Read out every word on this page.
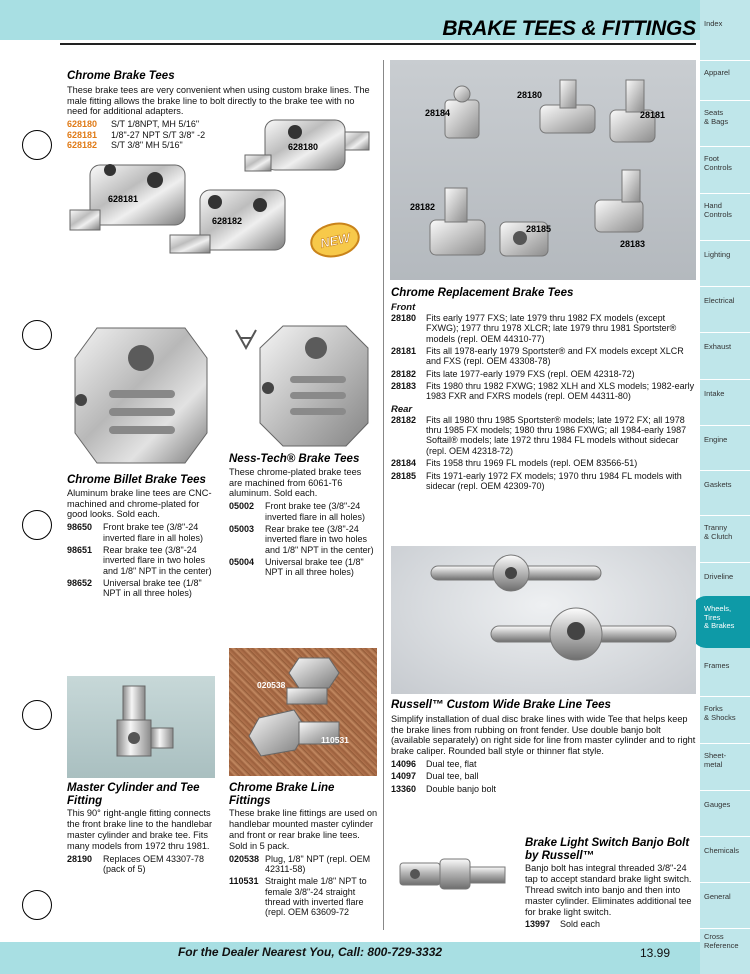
BRAKE TEES & FITTINGS
For the Dealer Nearest You, Call: 800-729-3332	13.99
Index
Apparel
Seats
& Bags
Foot
Controls
Hand
Controls
Lighting
Electrical
Exhaust
Intake
Engine
Gaskets
Tranny
& Clutch
Driveline
Wheels,
Tires
& Brakes
Frames
Forks
& Shocks
Sheet-
metal
Gauges
Chemicals
General
Cross
Reference
Chrome Brake Tees
These brake tees are very convenient when using custom brake lines. The male fitting allows the brake line to bolt directly to the brake tee with no need for additional adapters.
628180	S/T 1/8NPT, MH 5/16"
628181	1/8"-27 NPT S/T 3/8" -2
628182	S/T 3/8" MH 5/16"
NEW
628180
628181
628182
28184
28180
28181
28182
28185
28183
Chrome Replacement Brake Tees
Front
28180	Fits early 1977 FXS; late 1979 thru 1982 FX models (except FXWG); 1977 thru 1978 XLCR; late 1979 thru 1981 Sportster® models (repl. OEM 44310-77)
28181	Fits all 1978-early 1979 Sportster® and FX models except XLCR and FXS (repl. OEM 43308-78)
28182	Fits late 1977-early 1979 FXS (repl. OEM 42318-72)
28183	Fits 1980 thru 1982 FXWG; 1982 XLH and XLS models; 1982-early 1983 FXR and FXRS models (repl. OEM 44311-80)
Rear
28182	Fits all 1980 thru 1985 Sportster® models; late 1972 FX; all 1978 thru 1985 FX models; 1980 thru 1986 FXWG; all 1984-early 1987 Softail® models; late 1972 thru 1984 FL models without sidecar (repl. OEM 42318-72)
28184	Fits 1958 thru 1969 FL models (repl. OEM 83566-51)
28185	Fits 1971-early 1972 FX models; 1970 thru 1984 FL models with sidecar (repl. OEM 42309-70)
Chrome Billet Brake Tees
Aluminum brake line tees are CNC-machined and chrome-plated for good looks. Sold each.
98650	Front brake tee (3/8"-24 inverted flare in all holes)
98651	Rear brake tee (3/8"-24 inverted flare in two holes and 1/8" NPT in the center)
98652	Universal brake tee (1/8" NPT in all three holes)
Ness-Tech® Brake Tees
These chrome-plated brake tees are machined from 6061-T6 aluminum. Sold each.
05002	Front brake tee (3/8"-24 inverted flare in all holes)
05003	Rear brake tee (3/8"-24 inverted flare in two holes and 1/8" NPT in the center)
05004	Universal brake tee (1/8" NPT in all three holes)
Russell™ Custom Wide Brake Line Tees
Simplify installation of dual disc brake lines with wide Tee that helps keep the brake lines from rubbing on front fender. Use double banjo bolt (available separately) on right side for line from master cylinder and to right brake caliper. Rounded ball style or thinner flat style.
14096	Dual tee, flat
14097	Dual tee, ball
13360	Double banjo bolt
Master Cylinder and Tee Fitting
This 90° right-angle fitting connects the front brake line to the handlebar master cylinder and brake tee. Fits many models from 1972 thru 1981.
28190	Replaces OEM 43307-78 (pack of 5)
020538
110531
Chrome Brake Line Fittings
These brake line fittings are used on handlebar mounted master cylinder and front or rear brake line tees. Sold in 5 pack.
020538 Plug, 1/8" NPT (repl. OEM 42311-58)
110531 Straight male 1/8" NPT to female 3/8"-24 straight thread with inverted flare (repl. OEM 63609-72
Brake Light Switch Banjo Bolt by Russell™
Banjo bolt has integral threaded 3/8"-24 tap to accept standard brake light switch. Thread switch into banjo and then into master cylinder. Eliminates additional tee for brake light switch.
13997	Sold each
